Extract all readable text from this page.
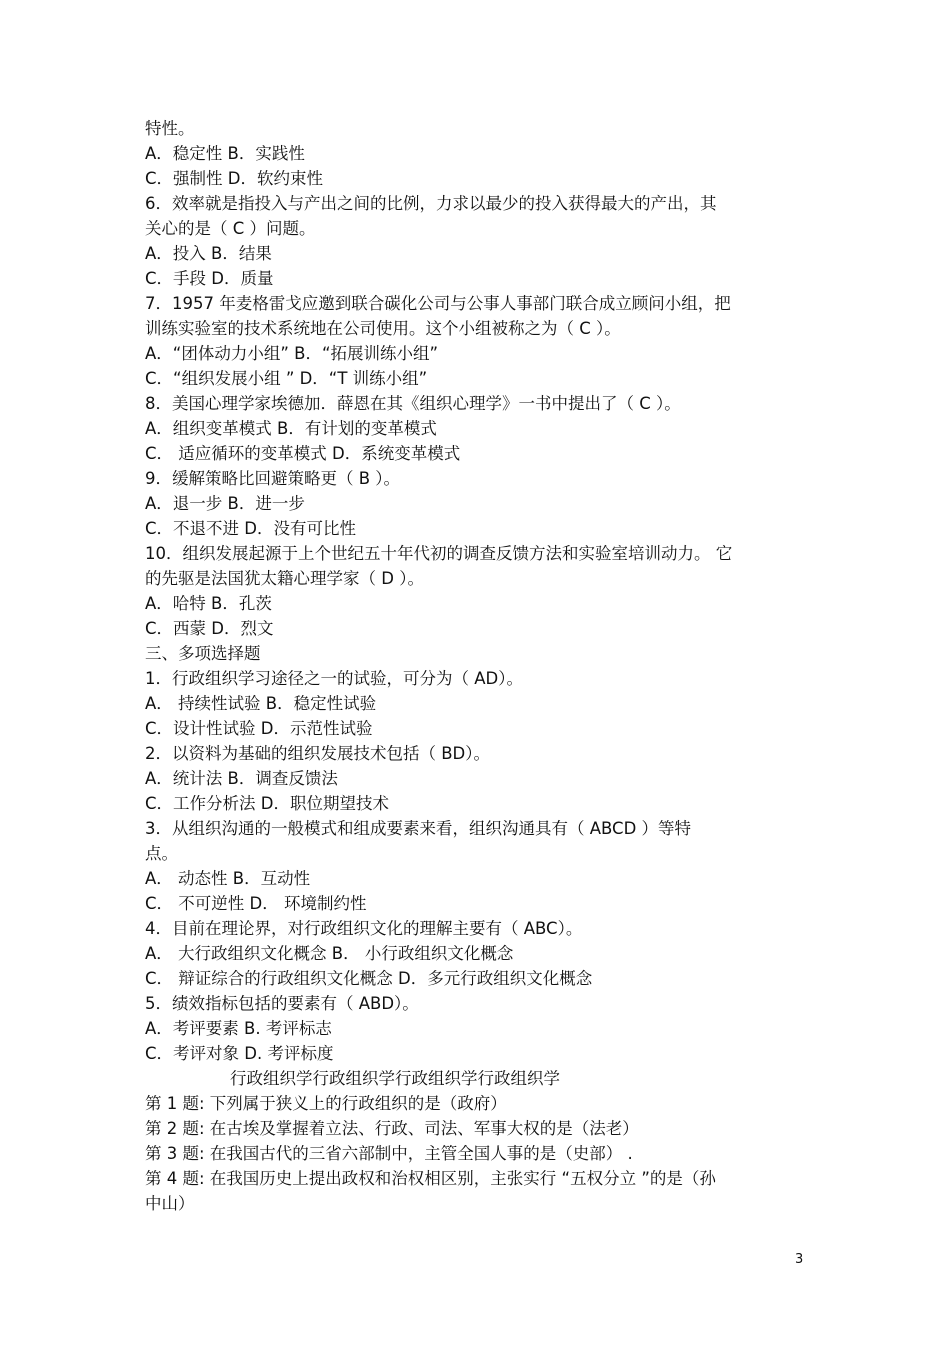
特性。
A．稳定性 B．实践性
C．强制性 D．软约束性
6．效率就是指投入与产出之间的比例，力求以最少的投入获得最大的产出，其
关心的是（ C ）问题。
A．投入 B．结果
C．手段 D．质量
7．1957 年麦格雷戈应邀到联合碳化公司与公事人事部门联合成立顾问小组，把
训练实验室的技术系统地在公司使用。这个小组被称之为（ C ）。
A．“团体动力小组” B．“拓展训练小组”
C．“组织发展小组 ” D．“T 训练小组”
8．美国心理学家埃德加．薛恩在其《组织心理学》一书中提出了（ C ）。
A．组织变革模式 B．有计划的变革模式
C． 适应循环的变革模式 D．系统变革模式
9．缓解策略比回避策略更（ B ）。
A．退一步 B．进一步
C．不退不进 D．没有可比性
10．组织发展起源于上个世纪五十年代初的调查反馈方法和实验室培训动力。 它
的先驱是法国犹太籍心理学家（ D ）。
A．哈特 B．孔茨
C．西蒙 D．烈文
三、多项选择题
1．行政组织学习途径之一的试验，可分为（ AD）。
A． 持续性试验 B．稳定性试验
C．设计性试验 D．示范性试验
2．以资料为基础的组织发展技术包括（ BD）。
A．统计法 B．调查反馈法
C．工作分析法 D．职位期望技术
3．从组织沟通的一般模式和组成要素来看，组织沟通具有（ ABCD ）等特
点。
A． 动态性 B．互动性
C． 不可逆性 D． 环境制约性
4．目前在理论界，对行政组织文化的理解主要有（ ABC）。
A． 大行政组织文化概念 B． 小行政组织文化概念
C． 辩证综合的行政组织文化概念 D．多元行政组织文化概念
5．绩效指标包括的要素有（ ABD）。
A．考评要素 B. 考评标志
C．考评对象 D. 考评标度
行政组织学行政组织学行政组织学行政组织学
第 1 题: 下列属于狭义上的行政组织的是（政府）
第 2 题: 在古埃及掌握着立法、行政、司法、军事大权的是（法老）
第 3 题: 在我国古代的三省六部制中，主管全国人事的是（史部） .
第 4 题: 在我国历史上提出政权和治权相区别，主张实行 “五权分立 ”的是（孙
中山）
3
